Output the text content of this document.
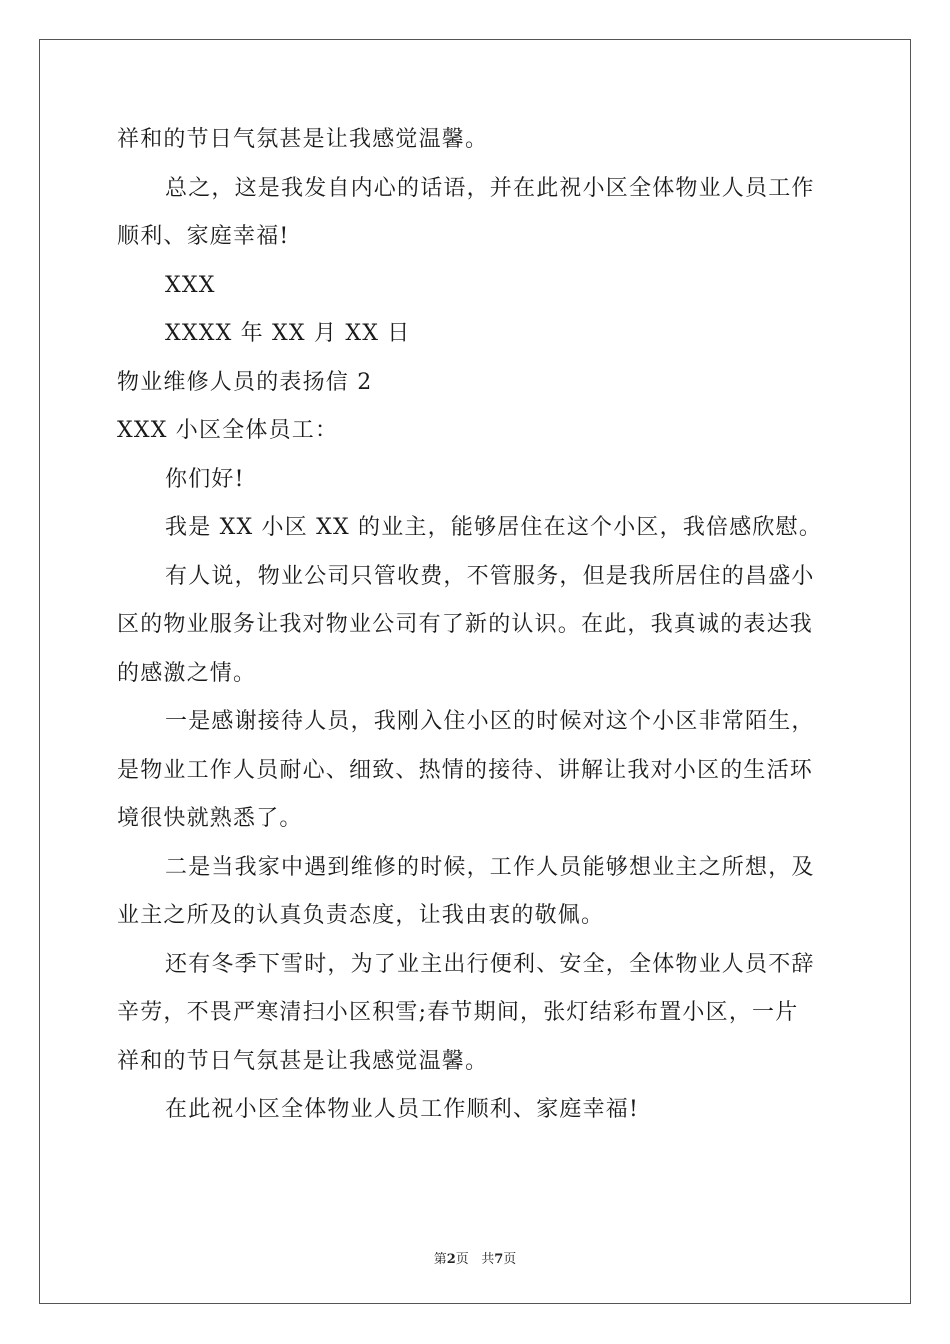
祥和的节日气氛甚是让我感觉温馨。
总之，这是我发自内心的话语，并在此祝小区全体物业人员工作
顺利、家庭幸福!
XXX
XXXX 年 XX 月 XX 日
物业维修人员的表扬信 2
XXX 小区全体员工：
你们好!
我是 XX 小区 XX 的业主，能够居住在这个小区，我倍感欣慰。
有人说，物业公司只管收费，不管服务，但是我所居住的昌盛小
区的物业服务让我对物业公司有了新的认识。在此，我真诚的表达我
的感激之情。
一是感谢接待人员，我刚入住小区的时候对这个小区非常陌生，
是物业工作人员耐心、细致、热情的接待、讲解让我对小区的生活环
境很快就熟悉了。
二是当我家中遇到维修的时候，工作人员能够想业主之所想，及
业主之所及的认真负责态度，让我由衷的敬佩。
还有冬季下雪时，为了业主出行便利、安全，全体物业人员不辞
辛劳，不畏严寒清扫小区积雪;春节期间，张灯结彩布置小区，一片
祥和的节日气氛甚是让我感觉温馨。
在此祝小区全体物业人员工作顺利、家庭幸福!
第2页 共7页
